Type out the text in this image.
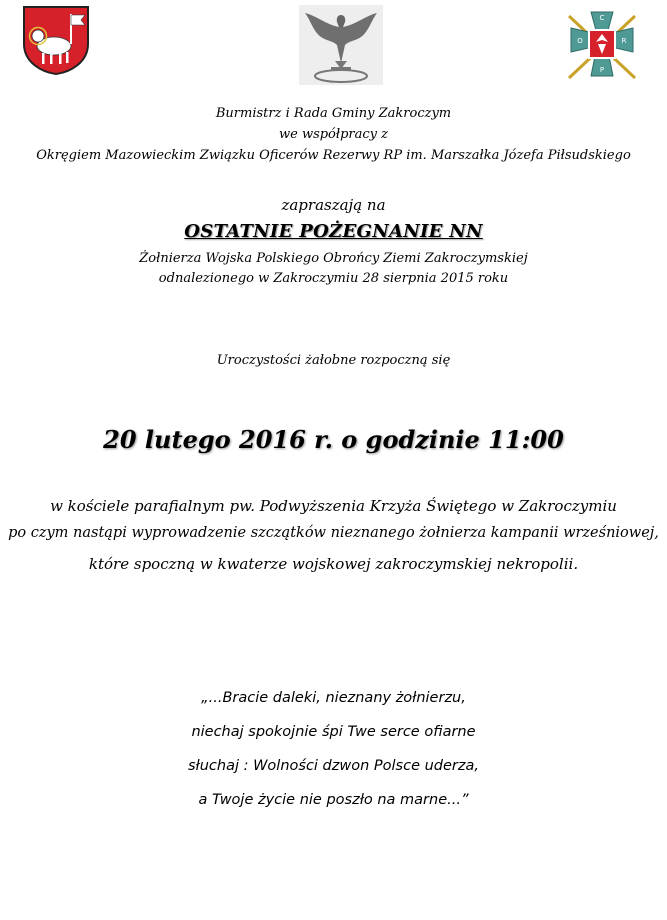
C
O	R
P
Burmistrz i Rada Gminy Zakroczym
we współpracy z
Okręgiem Mazowieckim Związku Oficerów Rezerwy RP im. Marszałka Józefa Piłsudskiego
zapraszają na
OSTATNIE POŻEGNANIE NN
Żołnierza Wojska Polskiego Obrońcy Ziemi Zakroczymskiej
odnalezionego w Zakroczymiu 28 sierpnia 2015 roku
Uroczystości żałobne rozpoczną się
20 lutego 2016 r. o godzinie 11:00
w kościele parafialnym pw. Podwyższenia Krzyża Świętego w Zakroczymiu
po czym nastąpi wyprowadzenie szczątków nieznanego żołnierza kampanii wrześniowej,
które spoczną w kwaterze wojskowej zakroczymskiej nekropolii.
„...Bracie daleki, nieznany żołnierzu,
niechaj spokojnie śpi Twe serce ofiarne
słuchaj : Wolności dzwon Polsce uderza,
a Twoje życie nie poszło na marne...”
